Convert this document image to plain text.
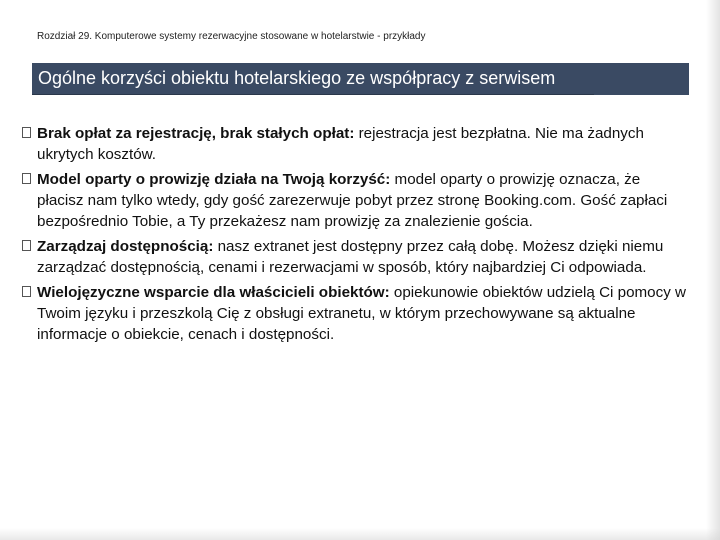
Rozdział 29. Komputerowe systemy rezerwacyjne stosowane w hotelarstwie - przykłady
Ogólne korzyści obiektu hotelarskiego ze współpracy z serwisem
Brak opłat za rejestrację, brak stałych opłat: rejestracja jest bezpłatna. Nie ma żadnych ukrytych kosztów.
Model oparty o prowizję działa na Twoją korzyść: model oparty o prowizję oznacza, że płacisz nam tylko wtedy, gdy gość zarezerwuje pobyt przez stronę Booking.com. Gość zapłaci bezpośrednio Tobie, a Ty przekażesz nam prowizję za znalezienie gościa.
Zarządzaj dostępnością: nasz extranet jest dostępny przez całą dobę. Możesz dzięki niemu zarządzać dostępnością, cenami i rezerwacjami w sposób, który najbardziej Ci odpowiada.
Wielojęzyczne wsparcie dla właścicieli obiektów: opiekunowie obiektów udzielą Ci pomocy w Twoim języku i przeszkolą Cię z obsługi extranetu, w którym przechowywane są aktualne informacje o obiekcie, cenach i dostępności.
